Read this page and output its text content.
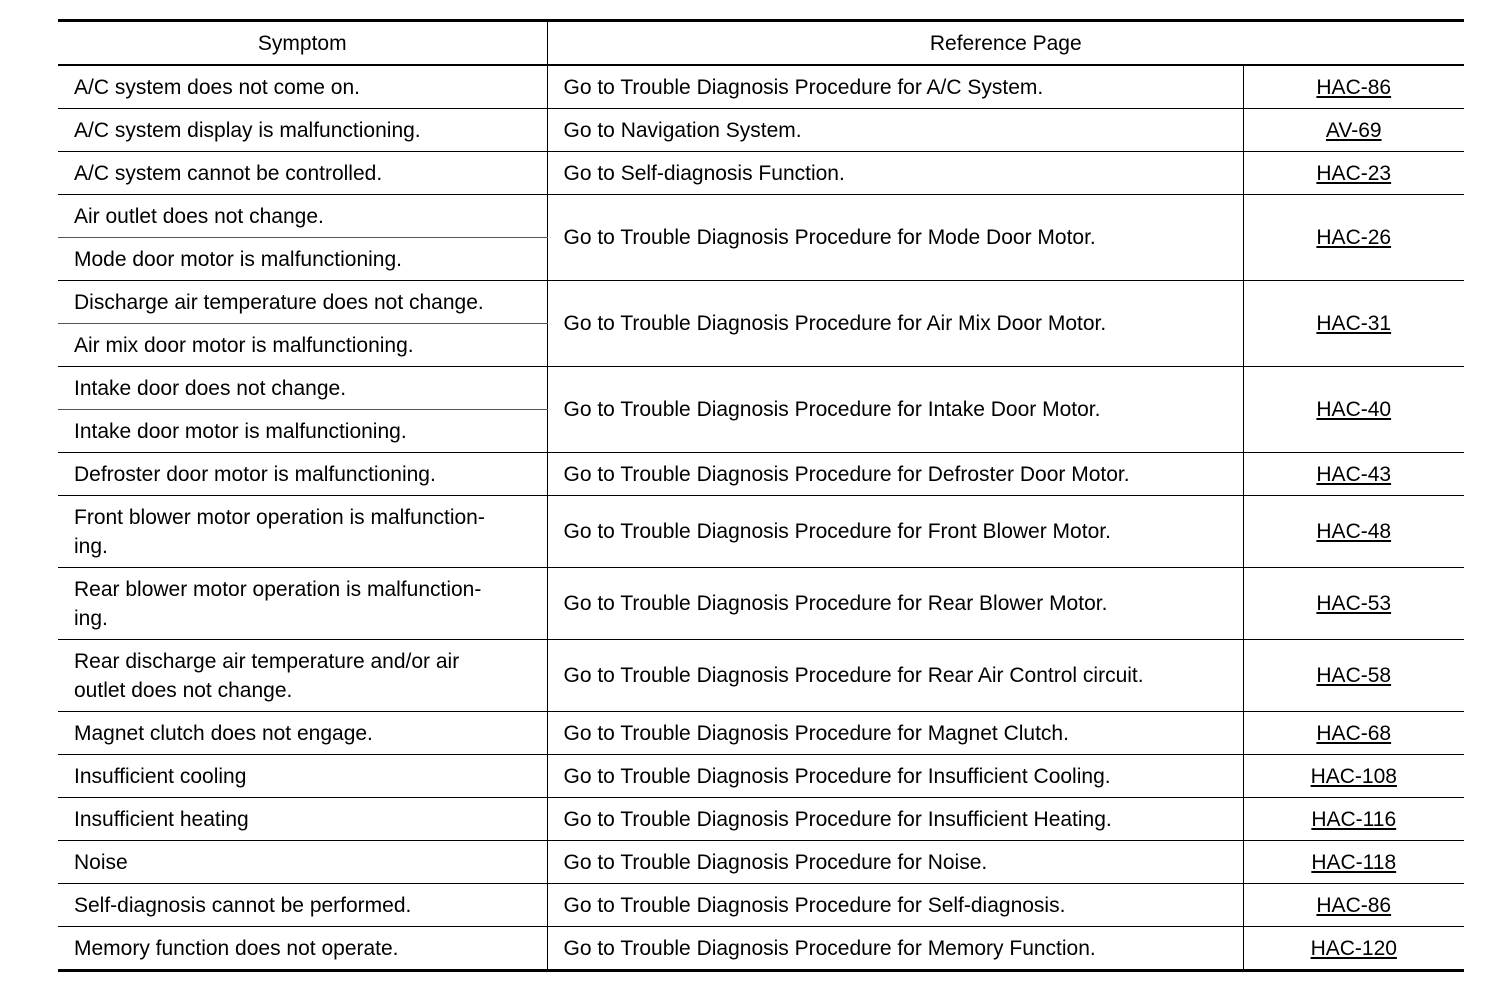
Symptom	Reference Page	
A/C system does not come on.	Go to Trouble Diagnosis Procedure for A/C System.	HAC-86
A/C system display is malfunctioning.	Go to Navigation System.	AV-69
A/C system cannot be controlled.	Go to Self-diagnosis Function.	HAC-23
Air outlet does not change.	Go to Trouble Diagnosis Procedure for Mode Door Motor.	HAC-26
Mode door motor is malfunctioning.		
Discharge air temperature does not change.	Go to Trouble Diagnosis Procedure for Air Mix Door Motor.	HAC-31
Air mix door motor is malfunctioning.		
Intake door does not change.	Go to Trouble Diagnosis Procedure for Intake Door Motor.	HAC-40
Intake door motor is malfunctioning.		
Defroster door motor is malfunctioning.	Go to Trouble Diagnosis Procedure for Defroster Door Motor.	HAC-43
Front blower motor operation is malfunction-
ing.	Go to Trouble Diagnosis Procedure for Front Blower Motor.	HAC-48
Rear blower motor operation is malfunction-
ing.	Go to Trouble Diagnosis Procedure for Rear Blower Motor.	HAC-53
Rear discharge air temperature and/or air
outlet does not change.	Go to Trouble Diagnosis Procedure for Rear Air Control circuit.	HAC-58
Magnet clutch does not engage.	Go to Trouble Diagnosis Procedure for Magnet Clutch.	HAC-68
Insufficient cooling	Go to Trouble Diagnosis Procedure for Insufficient Cooling.	HAC-108
Insufficient heating	Go to Trouble Diagnosis Procedure for Insufficient Heating.	HAC-116
Noise	Go to Trouble Diagnosis Procedure for Noise.	HAC-118
Self-diagnosis cannot be performed.	Go to Trouble Diagnosis Procedure for Self-diagnosis.	HAC-86
Memory function does not operate.	Go to Trouble Diagnosis Procedure for Memory Function.	HAC-120
